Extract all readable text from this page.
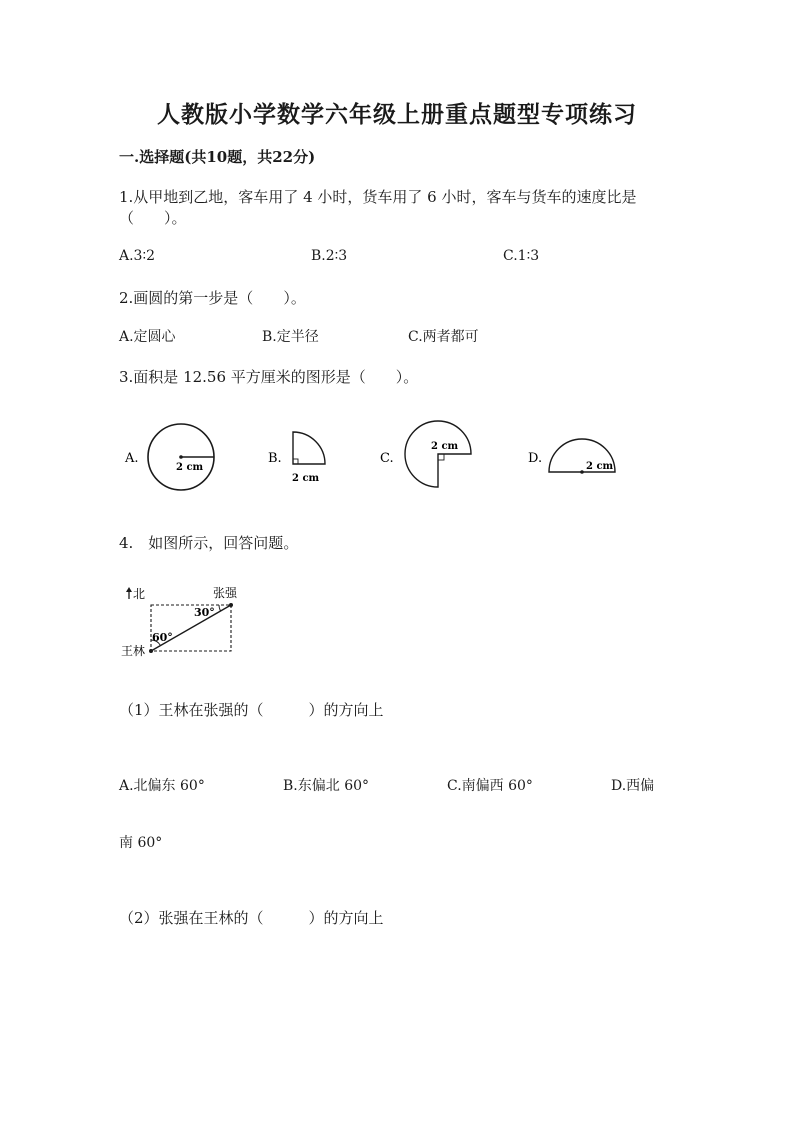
人教版小学数学六年级上册重点题型专项练习
一.选择题(共10题，共22分)
1.从甲地到乙地，客车用了 4 小时，货车用了 6 小时，客车与货车的速度比是
（　　）。
A.3∶2	B.2∶3	C.1∶3
2.画圆的第一步是（　　）。
A.定圆心	B.定半径	C.两者都可
3.面积是 12.56 平方厘米的图形是（　　）。
A.
2 cm
B.
2 cm
C.
2 cm
D.
2 cm
4.　如图所示，回答问题。
北	张强
30°
60°
王林
（1）王林在张强的（　　　）的方向上
A.北偏东 60°	B.东偏北 60°	C.南偏西 60°	D.西偏
南 60°
（2）张强在王林的（　　　）的方向上
